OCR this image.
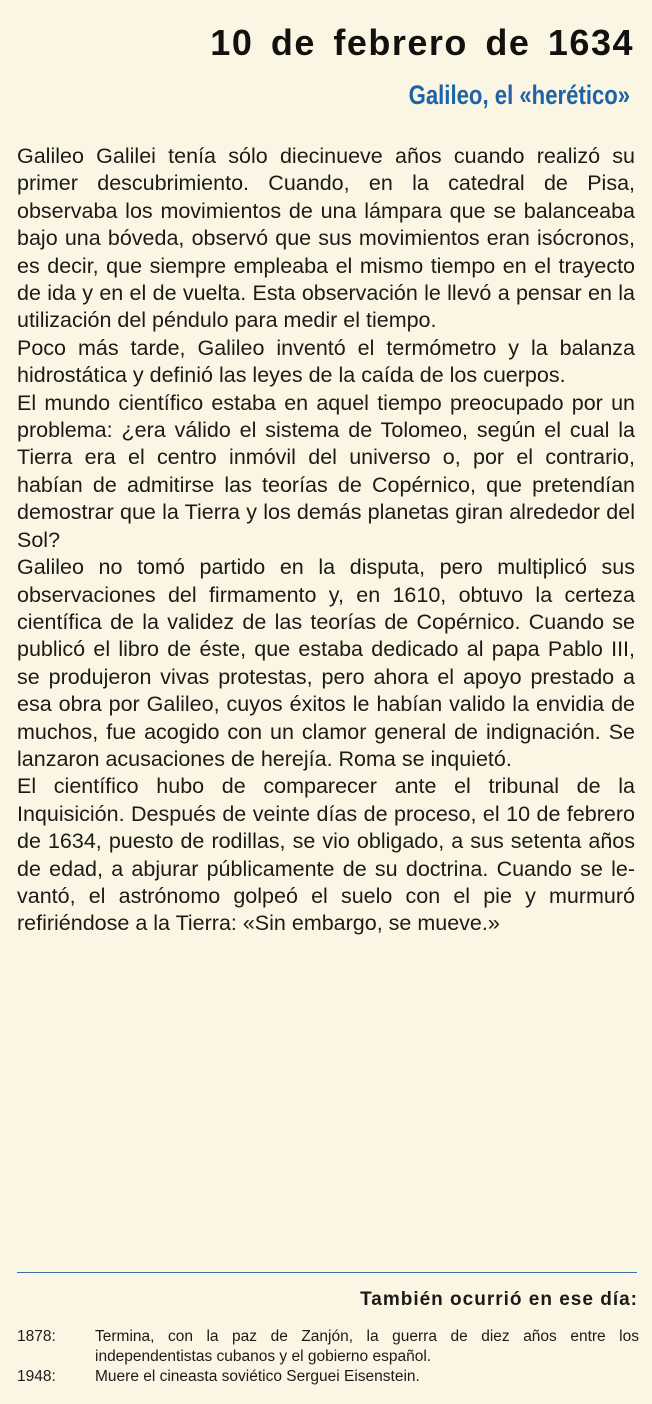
10 de febrero de 1634
Galileo, el «herético»

Galileo Galilei tenía sólo diecinueve años cuando realizó su primer descubrimiento. Cuando, en la catedral de Pisa, observaba los movimientos de una lámpara que se balanceaba bajo una bóveda, observó que sus movimientos eran isócronos, es decir, que siempre empleaba el mismo tiempo en el trayecto de ida y en el de vuelta. Esta observación le llevó a pensar en la utilización del péndulo para medir el tiempo.

Poco más tarde, Galileo inventó el termómetro y la balanza hidrostática y definió las leyes de la caída de los cuerpos.

El mundo científico estaba en aquel tiempo preocupado por un problema: ¿era válido el sistema de Tolomeo, según el cual la Tierra era el centro inmóvil del universo o, por el contrario, habían de admitirse las teorías de Copérnico, que pretendían demostrar que la Tierra y los demás planetas giran alrededor del Sol?

Galileo no tomó partido en la disputa, pero multiplicó sus observaciones del firmamento y, en 1610, obtuvo la certeza científica de la validez de las teorías de Copérnico. Cuando se publicó el libro de éste, que estaba dedicado al papa Pablo III, se produjeron vivas protestas, pero ahora el apoyo prestado a esa obra por Galileo, cuyos éxitos le habían valido la envidia de muchos, fue acogido con un clamor general de indignación. Se lanzaron acusaciones de herejía. Roma se inquietó.

El científico hubo de comparecer ante el tribunal de la Inquisición. Después de veinte días de proceso, el 10 de febrero de 1634, puesto de rodillas, se vio obligado, a sus setenta años de edad, a abjurar públicamente de su doctrina. Cuando se levantó, el astrónomo golpeó el suelo con el pie y murmuró refiriéndose a la Tierra: «Sin embargo, se mueve.»

También ocurrió en ese día:
1878:	Termina, con la paz de Zanjón, la guerra de diez años entre los independentistas cubanos y el gobierno español.
1948:	Muere el cineasta soviético Serguei Eisenstein.
